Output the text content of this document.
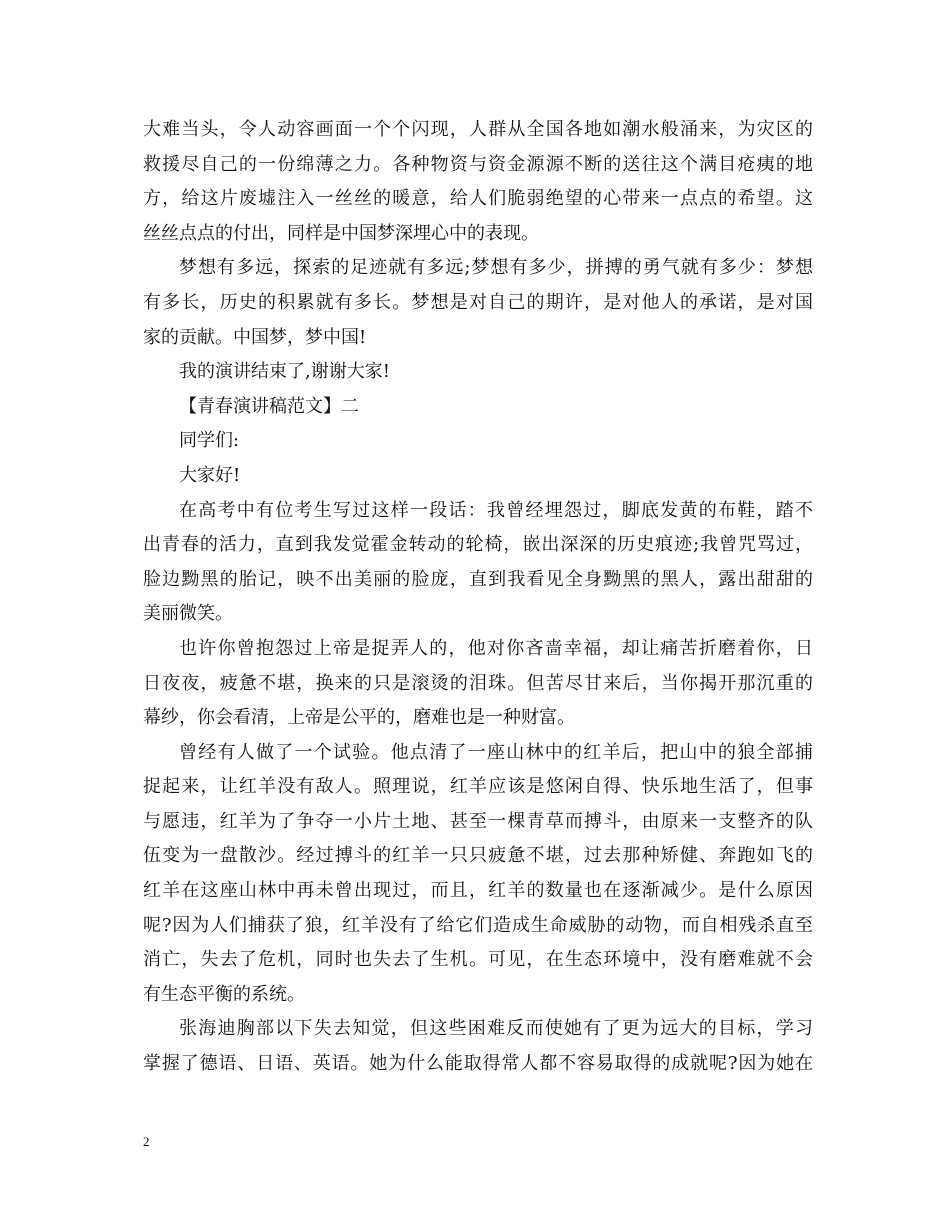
大难当头，令人动容画面一个个闪现，人群从全国各地如潮水般涌来，为灾区的
救援尽自己的一份绵薄之力。各种物资与资金源源不断的送往这个满目疮痍的地
方，给这片废墟注入一丝丝的暖意，给人们脆弱绝望的心带来一点点的希望。这
丝丝点点的付出，同样是中国梦深埋心中的表现。
梦想有多远，探索的足迹就有多远;梦想有多少，拼搏的勇气就有多少：梦想
有多长，历史的积累就有多长。梦想是对自己的期许，是对他人的承诺，是对国
家的贡献。中国梦，梦中国!
我的演讲结束了,谢谢大家!
【青春演讲稿范文】二
同学们:
大家好!
在高考中有位考生写过这样一段话：我曾经埋怨过，脚底发黄的布鞋，踏不
出青春的活力，直到我发觉霍金转动的轮椅，嵌出深深的历史痕迹;我曾咒骂过，
脸边黝黑的胎记，映不出美丽的脸庞，直到我看见全身黝黑的黑人，露出甜甜的
美丽微笑。
也许你曾抱怨过上帝是捉弄人的，他对你吝啬幸福，却让痛苦折磨着你，日
日夜夜，疲惫不堪，换来的只是滚烫的泪珠。但苦尽甘来后，当你揭开那沉重的
幕纱，你会看清，上帝是公平的，磨难也是一种财富。
曾经有人做了一个试验。他点清了一座山林中的红羊后，把山中的狼全部捕
捉起来，让红羊没有敌人。照理说，红羊应该是悠闲自得、快乐地生活了，但事
与愿违，红羊为了争夺一小片土地、甚至一棵青草而搏斗，由原来一支整齐的队
伍变为一盘散沙。经过搏斗的红羊一只只疲惫不堪，过去那种矫健、奔跑如飞的
红羊在这座山林中再未曾出现过，而且，红羊的数量也在逐渐减少。是什么原因
呢?因为人们捕获了狼，红羊没有了给它们造成生命威胁的动物，而自相残杀直至
消亡，失去了危机，同时也失去了生机。可见，在生态环境中，没有磨难就不会
有生态平衡的系统。
张海迪胸部以下失去知觉，但这些困难反而使她有了更为远大的目标，学习
掌握了德语、日语、英语。她为什么能取得常人都不容易取得的成就呢?因为她在
2
